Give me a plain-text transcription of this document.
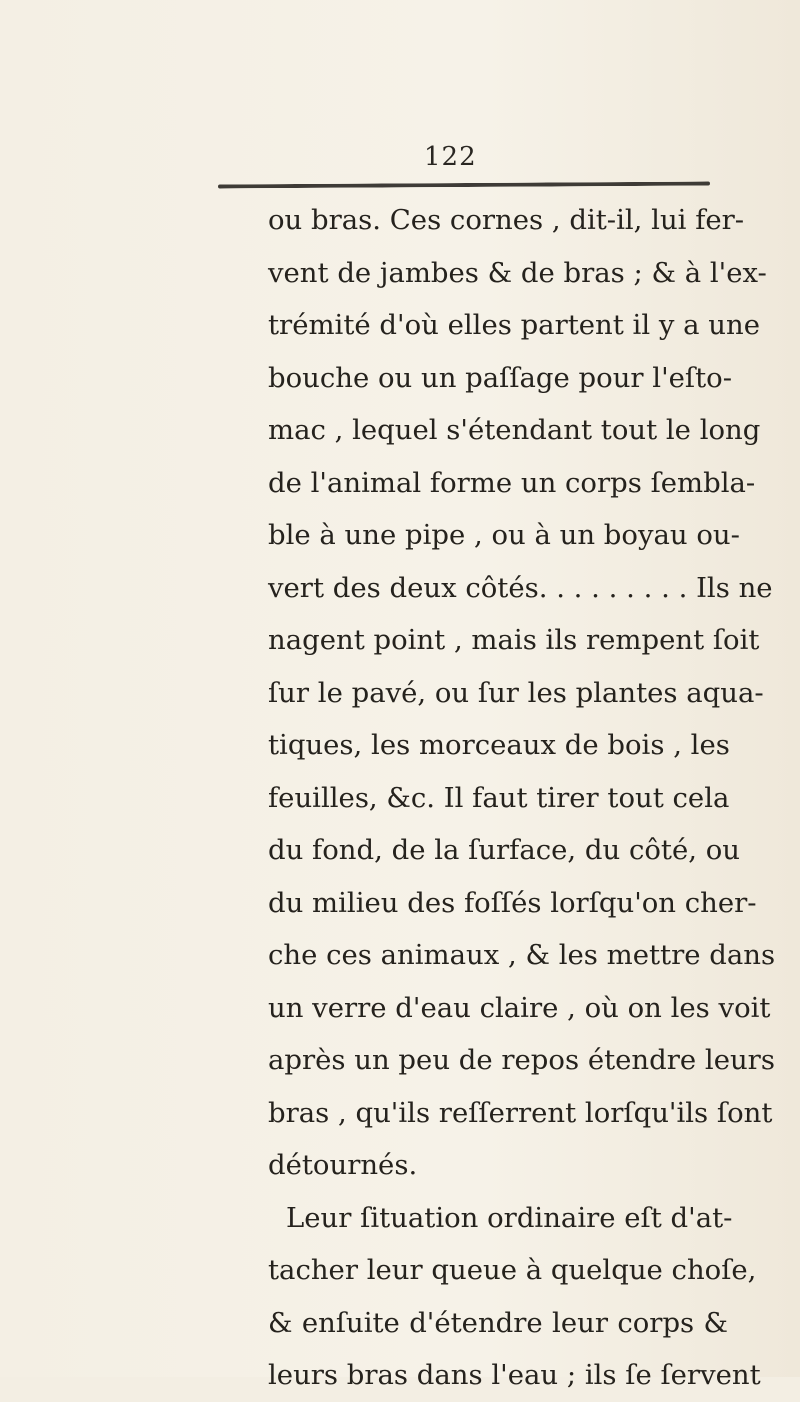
122
ou bras. Ces cornes , dit-il, lui fer-
vent de jambes & de bras ; & à l'ex-
trémité d'où elles partent il y a une
bouche ou un paſſage pour l'eſto-
mac , lequel s'étendant tout le long
de l'animal forme un corps ſembla-
ble à une pipe , ou à un boyau ou-
vert des deux côtés. . . . . . . . . Ils ne
nagent point , mais ils rempent ſoit
ſur le pavé, ou ſur les plantes aqua-
tiques, les morceaux de bois , les
feuilles, &c. Il faut tirer tout cela
du fond, de la ſurface, du côté, ou
du milieu des foſſés lorſqu'on cher-
che ces animaux , & les mettre dans
un verre d'eau claire , où on les voit
après un peu de repos étendre leurs
bras , qu'ils reſſerrent lorſqu'ils ſont
détournés.
Leur ſituation ordinaire eſt d'at-
tacher leur queue à quelque choſe,
& enſuite d'étendre leur corps &
leurs bras dans l'eau ; ils ſe ſervent
